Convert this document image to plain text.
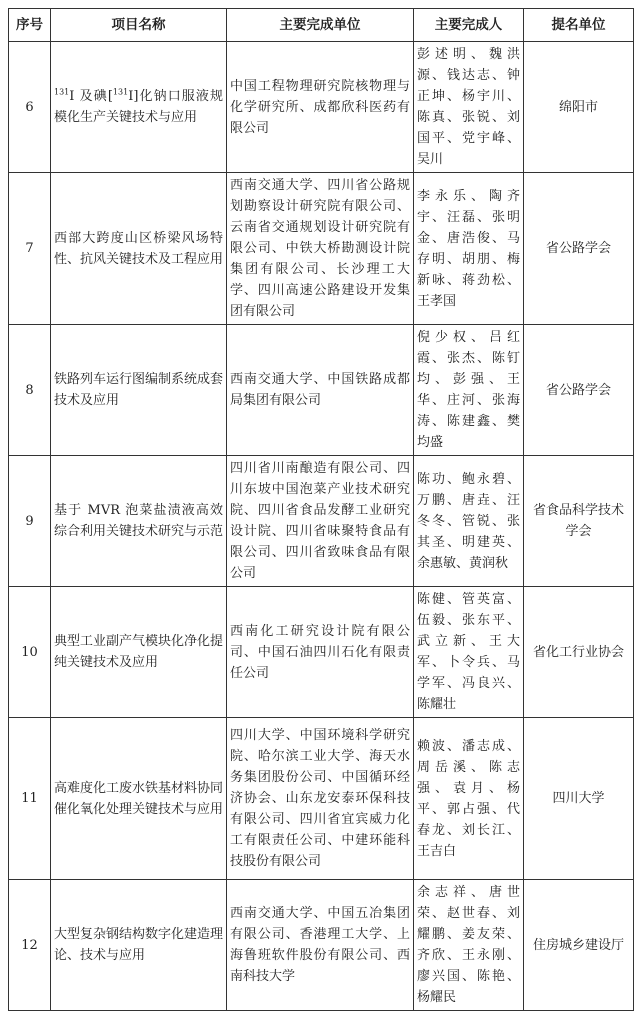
序号	项目名称	主要完成单位	主要完成人	提名单位
6	$^{131}$I 及碘[$^{131}$I]化钠口服液规模化生产关键技术与应用	中国工程物理研究院核物理与化学研究所、成都欣科医药有限公司	彭述明、魏洪源、钱达志、钟正坤、杨宇川、陈真、张锐、刘国平、党宇峰、吴川	绵阳市
7	西部大跨度山区桥梁风场特性、抗风关键技术及工程应用	西南交通大学、四川省公路规划勘察设计研究院有限公司、云南省交通规划设计研究院有限公司、中铁大桥勘测设计院集团有限公司、长沙理工大学、四川高速公路建设开发集团有限公司	李永乐、陶齐宇、汪磊、张明金、唐浩俊、马存明、胡朋、梅新咏、蒋劲松、王孝国	省公路学会
8	铁路列车运行图编制系统成套技术及应用	西南交通大学、中国铁路成都局集团有限公司	倪少权、吕红霞、张杰、陈钉均、彭强、王华、庄河、张海涛、陈建鑫、樊均盛	省公路学会
9	基于 MVR 泡菜盐渍液高效综合利用关键技术研究与示范	四川省川南酿造有限公司、四川东坡中国泡菜产业技术研究院、四川省食品发酵工业研究设计院、四川省味聚特食品有限公司、四川省致味食品有限公司	陈功、鲍永碧、万鹏、唐垚、汪冬冬、管锐、张其圣、明建英、余惠敏、黄润秋	省食品科学技术学会
10	典型工业副产气模块化净化提纯关键技术及应用	西南化工研究设计院有限公司、中国石油四川石化有限责任公司	陈健、管英富、伍毅、张东平、武立新、王大军、卜令兵、马学军、冯良兴、陈耀壮	省化工行业协会
11	高难度化工废水铁基材料协同催化氧化处理关键技术与应用	四川大学、中国环境科学研究院、哈尔滨工业大学、海天水务集团股份公司、中国循环经济协会、山东龙安泰环保科技有限公司、四川省宜宾威力化工有限责任公司、中建环能科技股份有限公司	赖波、潘志成、周岳溪、陈志强、袁月、杨平、郭占强、代春龙、刘长江、王吉白	四川大学
12	大型复杂钢结构数字化建造理论、技术与应用	西南交通大学、中国五冶集团有限公司、香港理工大学、上海鲁班软件股份有限公司、西南科技大学	余志祥、唐世荣、赵世春、刘耀鹏、姜友荣、齐欣、王永刚、廖兴国、陈艳、杨耀民	住房城乡建设厅
